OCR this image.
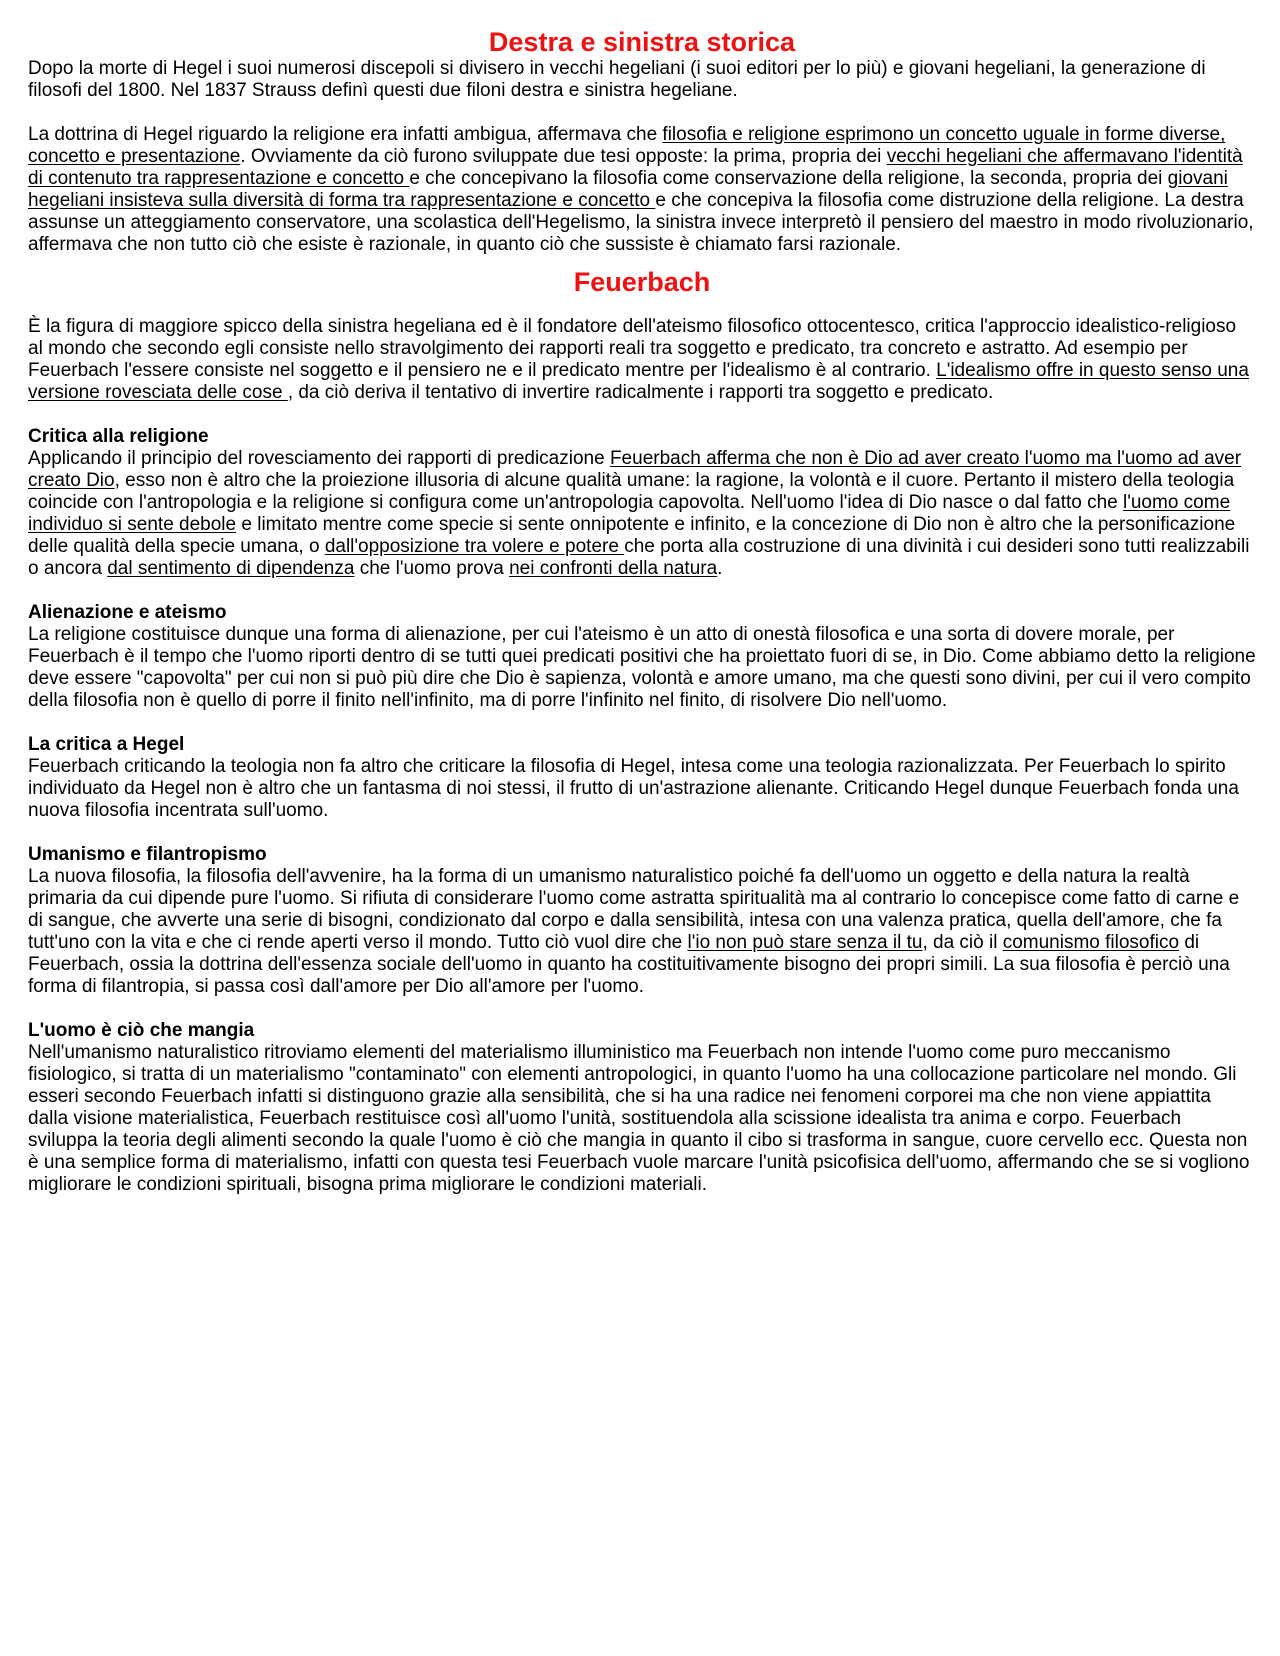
Destra e sinistra storica

Dopo la morte di Hegel i suoi numerosi discepoli si divisero in vecchi hegeliani (i suoi editori per lo più) e giovani hegeliani, la generazione di filosofi del 1800. Nel 1837 Strauss definì questi due filoni destra e sinistra hegeliane.

La dottrina di Hegel riguardo la religione era infatti ambigua, affermava che filosofia e religione esprimono un concetto uguale in forme diverse, concetto e presentazione. Ovviamente da ciò furono sviluppate due tesi opposte: la prima, propria dei vecchi hegeliani che affermavano l'identità di contenuto tra rappresentazione e concetto e che concepivano la filosofia come conservazione della religione, la seconda, propria dei giovani hegeliani insisteva sulla diversità di forma tra rappresentazione e concetto e che concepiva la filosofia come distruzione della religione. La destra assunse un atteggiamento conservatore, una scolastica dell'Hegelismo, la sinistra invece interpretò il pensiero del maestro in modo rivoluzionario, affermava che non tutto ciò che esiste è razionale, in quanto ciò che sussiste è chiamato farsi razionale.

Feuerbach

È la figura di maggiore spicco della sinistra hegeliana ed è il fondatore dell'ateismo filosofico ottocentesco, critica l'approccio idealistico-religioso al mondo che secondo egli consiste nello stravolgimento dei rapporti reali tra soggetto e predicato, tra concreto e astratto. Ad esempio per Feuerbach l'essere consiste nel soggetto e il pensiero ne e il predicato mentre per l'idealismo è al contrario. L'idealismo offre in questo senso una versione rovesciata delle cose , da ciò deriva il tentativo di invertire radicalmente i rapporti tra soggetto e predicato.

Critica alla religione

Applicando il principio del rovesciamento dei rapporti di predicazione Feuerbach afferma che non è Dio ad aver creato l'uomo ma l'uomo ad aver creato Dio, esso non è altro che la proiezione illusoria di alcune qualità umane: la ragione, la volontà e il cuore. Pertanto il mistero della teologia coincide con l'antropologia e la religione si configura come un'antropologia capovolta. Nell'uomo l'idea di Dio nasce o dal fatto che l'uomo come individuo si sente debole e limitato mentre come specie si sente onnipotente e infinito, e la concezione di Dio non è altro che la personificazione delle qualità della specie umana, o dall'opposizione tra volere e potere che porta alla costruzione di una divinità i cui desideri sono tutti realizzabili o ancora dal sentimento di dipendenza che l'uomo prova nei confronti della natura.

Alienazione e ateismo

La religione costituisce dunque una forma di alienazione, per cui l'ateismo è un atto di onestà filosofica e una sorta di dovere morale, per Feuerbach è il tempo che l'uomo riporti dentro di se tutti quei predicati positivi che ha proiettato fuori di se, in Dio. Come abbiamo detto la religione deve essere "capovolta" per cui non si può più dire che Dio è sapienza, volontà e amore umano, ma che questi sono divini, per cui il vero compito della filosofia non è quello di porre il finito nell'infinito, ma di porre l'infinito nel finito, di risolvere Dio nell'uomo.

La critica a Hegel

Feuerbach criticando la teologia non fa altro che criticare la filosofia di Hegel, intesa come una teologia razionalizzata. Per Feuerbach lo spirito individuato da Hegel non è altro che un fantasma di noi stessi, il frutto di un'astrazione alienante. Criticando Hegel dunque Feuerbach fonda una nuova filosofia incentrata sull'uomo.

Umanismo e filantropismo

La nuova filosofia, la filosofia dell'avvenire, ha la forma di un umanismo naturalistico poiché fa dell'uomo un oggetto e della natura la realtà primaria da cui dipende pure l'uomo. Si rifiuta di considerare l'uomo come astratta spiritualità ma al contrario lo concepisce come fatto di carne e di sangue, che avverte una serie di bisogni, condizionato dal corpo e dalla sensibilità, intesa con una valenza pratica, quella dell'amore, che fa tutt'uno con la vita e che ci rende aperti verso il mondo. Tutto ciò vuol dire che l'io non può stare senza il tu, da ciò il comunismo filosofico di Feuerbach, ossia la dottrina dell'essenza sociale dell'uomo in quanto ha costituitivamente bisogno dei propri simili. La sua filosofia è perciò una forma di filantropia, si passa così dall'amore per Dio all'amore per l'uomo.

L'uomo è ciò che mangia

Nell'umanismo naturalistico ritroviamo elementi del materialismo illuministico ma Feuerbach non intende l'uomo come puro meccanismo fisiologico, si tratta di un materialismo "contaminato" con elementi antropologici, in quanto l'uomo ha una collocazione particolare nel mondo. Gli esseri secondo Feuerbach infatti si distinguono grazie alla sensibilità, che si ha una radice nei fenomeni corporei ma che non viene appiattita dalla visione materialistica, Feuerbach restituisce così all'uomo l'unità, sostituendola alla scissione idealista tra anima e corpo. Feuerbach sviluppa la teoria degli alimenti secondo la quale l'uomo è ciò che mangia in quanto il cibo si trasforma in sangue, cuore cervello ecc. Questa non è una semplice forma di materialismo, infatti con questa tesi Feuerbach vuole marcare l'unità psicofisica dell'uomo, affermando che se si vogliono migliorare le condizioni spirituali, bisogna prima migliorare le condizioni materiali.
